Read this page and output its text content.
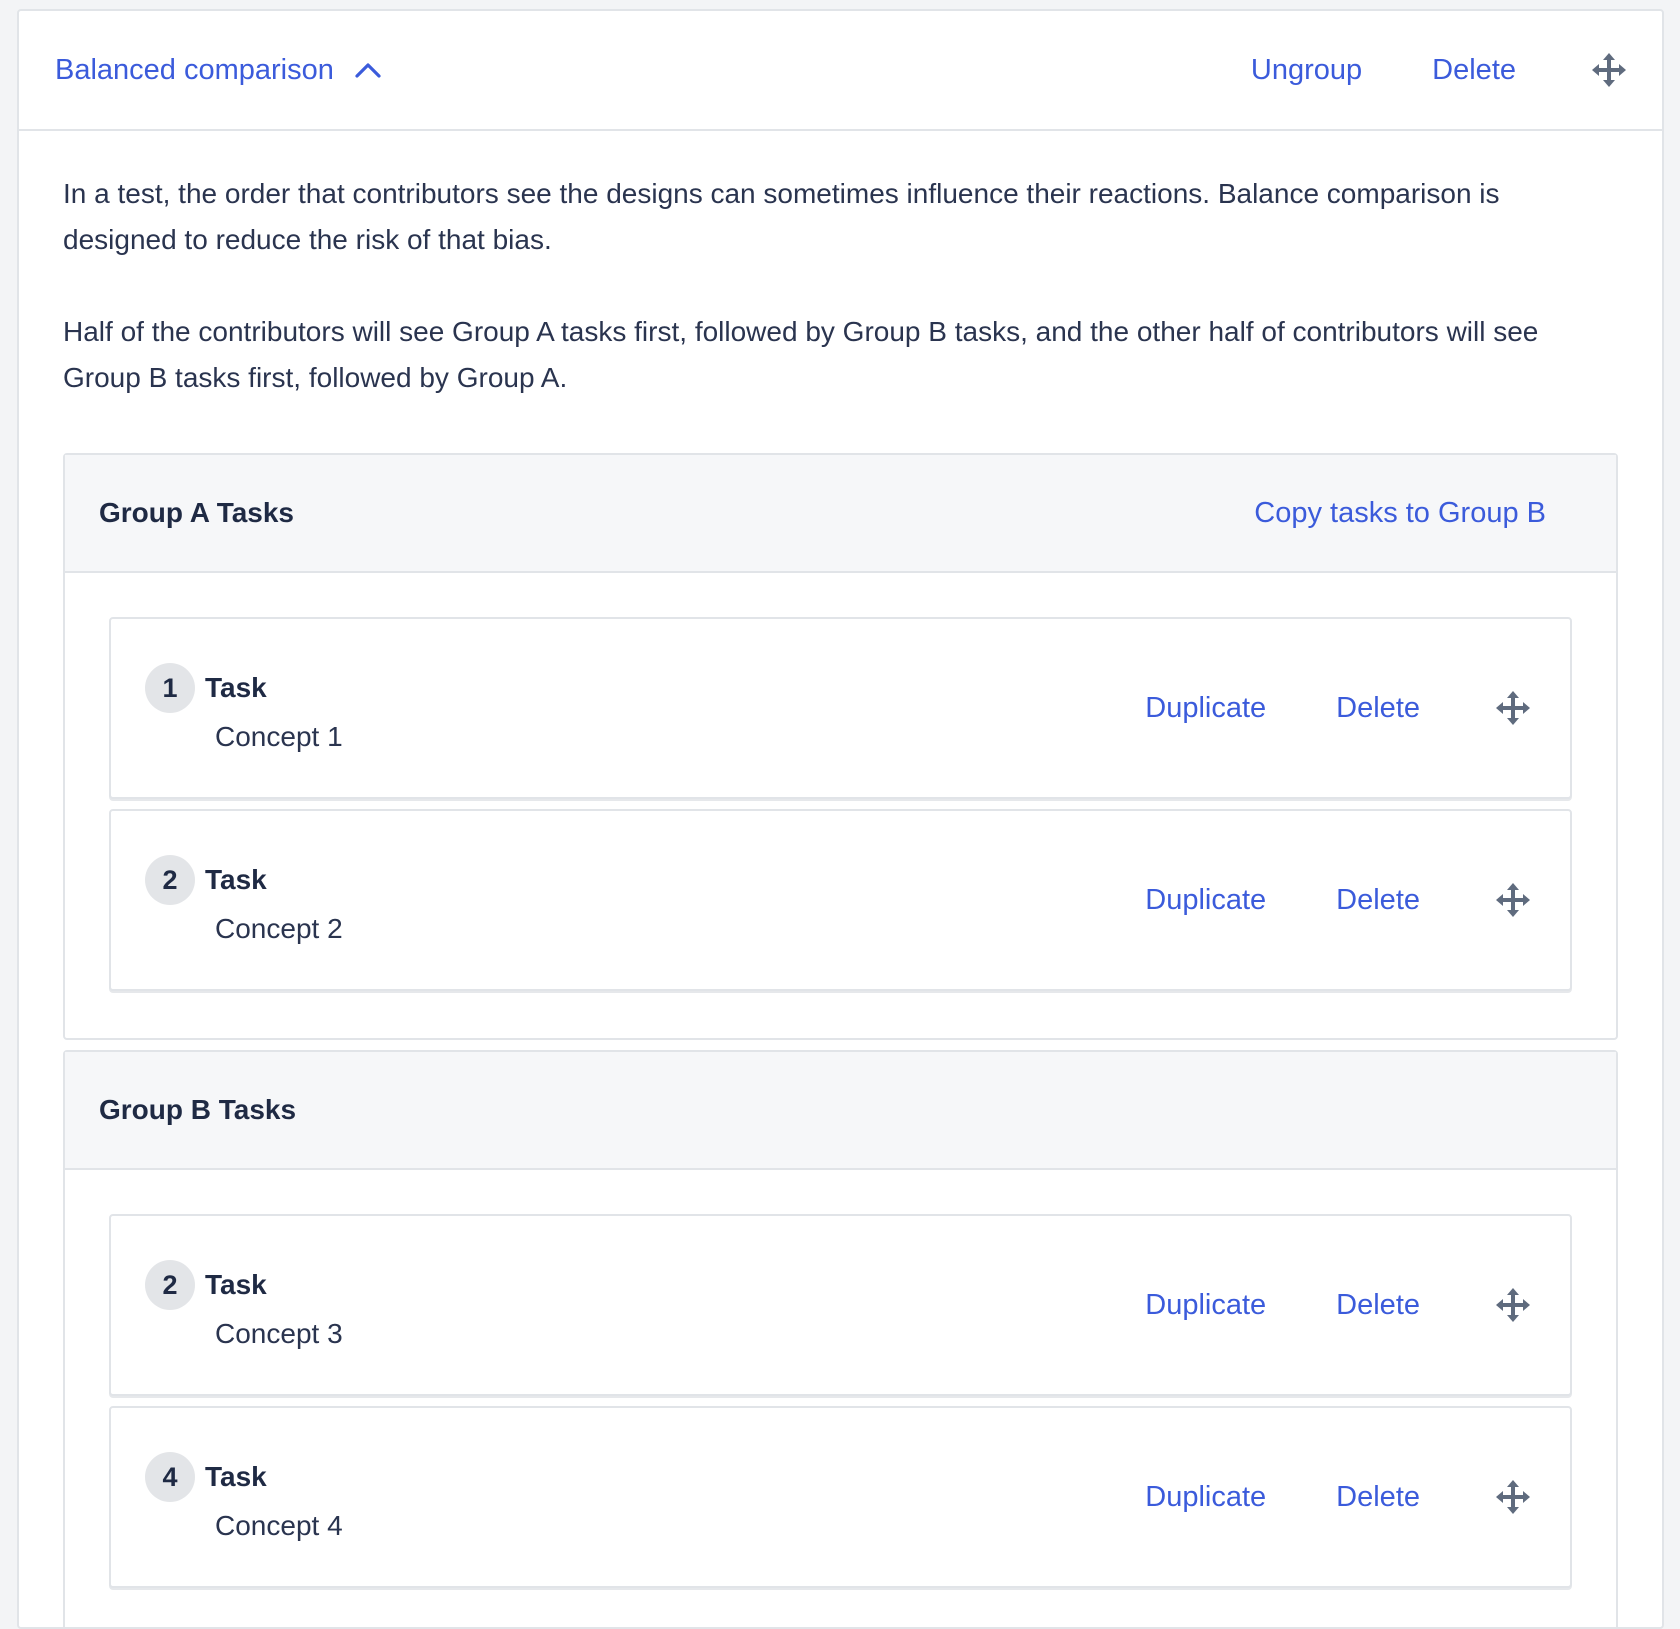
Balanced comparison	Ungroup Delete

In a test, the order that contributors see the designs can sometimes influence their reactions. Balance comparison is designed to reduce the risk of that bias.

Half of the contributors will see Group A tasks first, followed by Group B tasks, and the other half of contributors will see Group B tasks first, followed by Group A.

Group A Tasks	Copy tasks to Group B
1 Task
Concept 1
Duplicate Delete
2 Task
Concept 2
Duplicate Delete
Group B Tasks
2 Task
Concept 3
Duplicate Delete
4 Task
Concept 4
Duplicate Delete
